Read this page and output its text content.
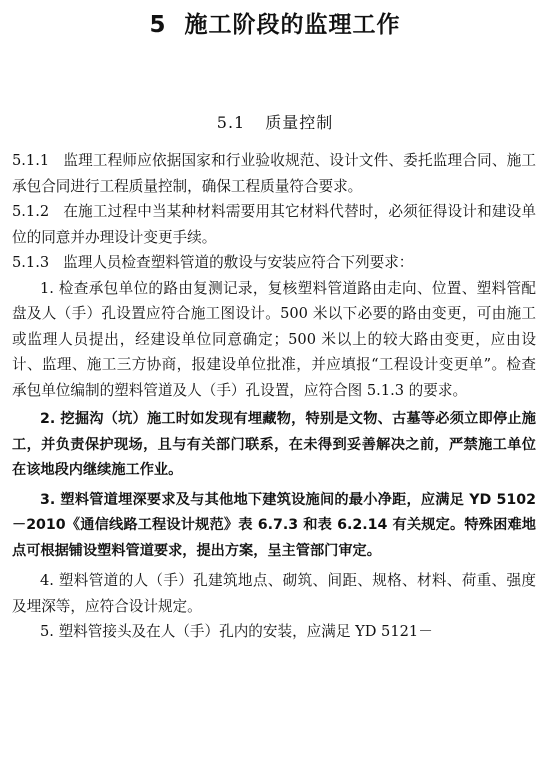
5 施工阶段的监理工作
5.1 质量控制

5.1.1 监理工程师应依据国家和行业验收规范、设计文件、委托监理合同、施工承包合同进行工程质量控制，确保工程质量符合要求。

5.1.2 在施工过程中当某种材料需要用其它材料代替时，必须征得设计和建设单位的同意并办理设计变更手续。

5.1.3 监理人员检查塑料管道的敷设与安装应符合下列要求：

1. 检查承包单位的路由复测记录，复核塑料管道路由走向、位置、塑料管配盘及人（手）孔设置应符合施工图设计。500 米以下必要的路由变更，可由施工或监理人员提出，经建设单位同意确定；500 米以上的较大路由变更，应由设计、监理、施工三方协商，报建设单位批准，并应填报“工程设计变更单”。检查承包单位编制的塑料管道及人（手）孔设置，应符合图 5.1.3 的要求。

2. 挖掘沟（坑）施工时如发现有埋藏物，特别是文物、古墓等必须立即停止施工，并负责保护现场，且与有关部门联系，在未得到妥善解决之前，严禁施工单位在该地段内继续施工作业。

3. 塑料管道埋深要求及与其他地下建筑设施间的最小净距，应满足 YD 5102－2010《通信线路工程设计规范》表 6.7.3 和表 6.2.14 有关规定。特殊困难地点可根据铺设塑料管道要求，提出方案，呈主管部门审定。

4. 塑料管道的人（手）孔建筑地点、砌筑、间距、规格、材料、荷重、强度及埋深等，应符合设计规定。

5. 塑料管接头及在人（手）孔内的安装，应满足 YD 5121－
